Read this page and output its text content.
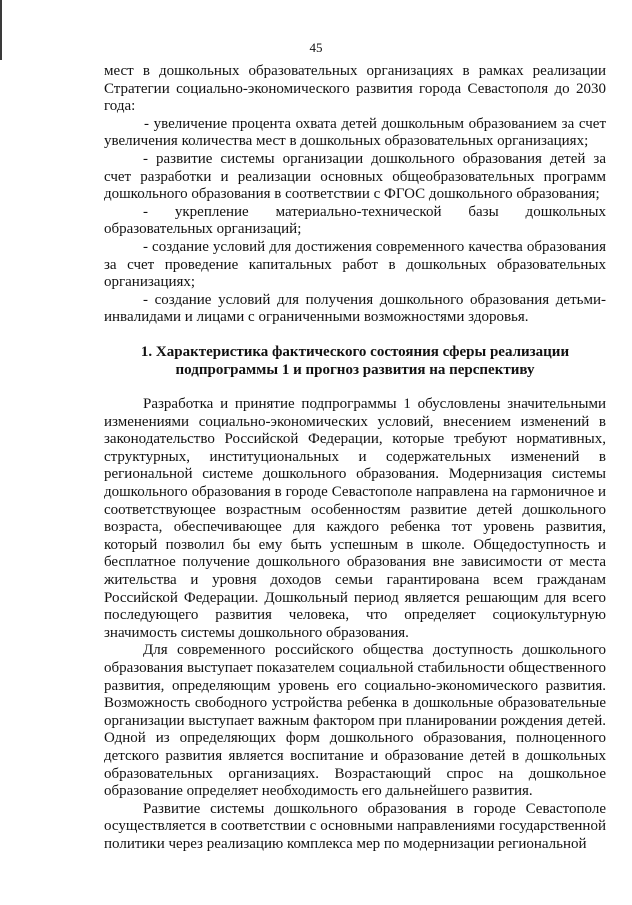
45

мест в дошкольных образовательных организациях в рамках реализации Стратегии социально-экономического развития города Севастополя до 2030 года:

- увеличение процента охвата детей дошкольным образованием за счет увеличения количества мест в дошкольных образовательных организациях;

- развитие системы организации дошкольного образования детей за счет разработки и реализации основных общеобразовательных программ дошкольного образования в соответствии с ФГОС дошкольного образования;

- укрепление материально-технической базы дошкольных образовательных организаций;

- создание условий для достижения современного качества образования за счет проведение капитальных работ в дошкольных образовательных организациях;

- создание условий для получения дошкольного образования детьми-инвалидами и лицами с ограниченными возможностями здоровья.

1. Характеристика фактического состояния сферы реализации
подпрограммы 1 и прогноз развития на перспективу

Разработка и принятие подпрограммы 1 обусловлены значительными изменениями социально-экономических условий, внесением изменений в законодательство Российской Федерации, которые требуют нормативных, структурных, институциональных и содержательных изменений в региональной системе дошкольного образования. Модернизация системы дошкольного образования в городе Севастополе направлена на гармоничное и соответствующее возрастным особенностям развитие детей дошкольного возраста, обеспечивающее для каждого ребенка тот уровень развития, который позволил бы ему быть успешным в школе. Общедоступность и бесплатное получение дошкольного образования вне зависимости от места жительства и уровня доходов семьи гарантирована всем гражданам Российской Федерации. Дошкольный период является решающим для всего последующего развития человека, что определяет социокультурную значимость системы дошкольного образования.

Для современного российского общества доступность дошкольного образования выступает показателем социальной стабильности общественного развития, определяющим уровень его социально-экономического развития. Возможность свободного устройства ребенка в дошкольные образовательные организации выступает важным фактором при планировании рождения детей. Одной из определяющих форм дошкольного образования, полноценного детского развития является воспитание и образование детей в дошкольных образовательных организациях. Возрастающий спрос на дошкольное образование определяет необходимость его дальнейшего развития.

Развитие системы дошкольного образования в городе Севастополе осуществляется в соответствии с основными направлениями государственной политики через реализацию комплекса мер по модернизации региональной
